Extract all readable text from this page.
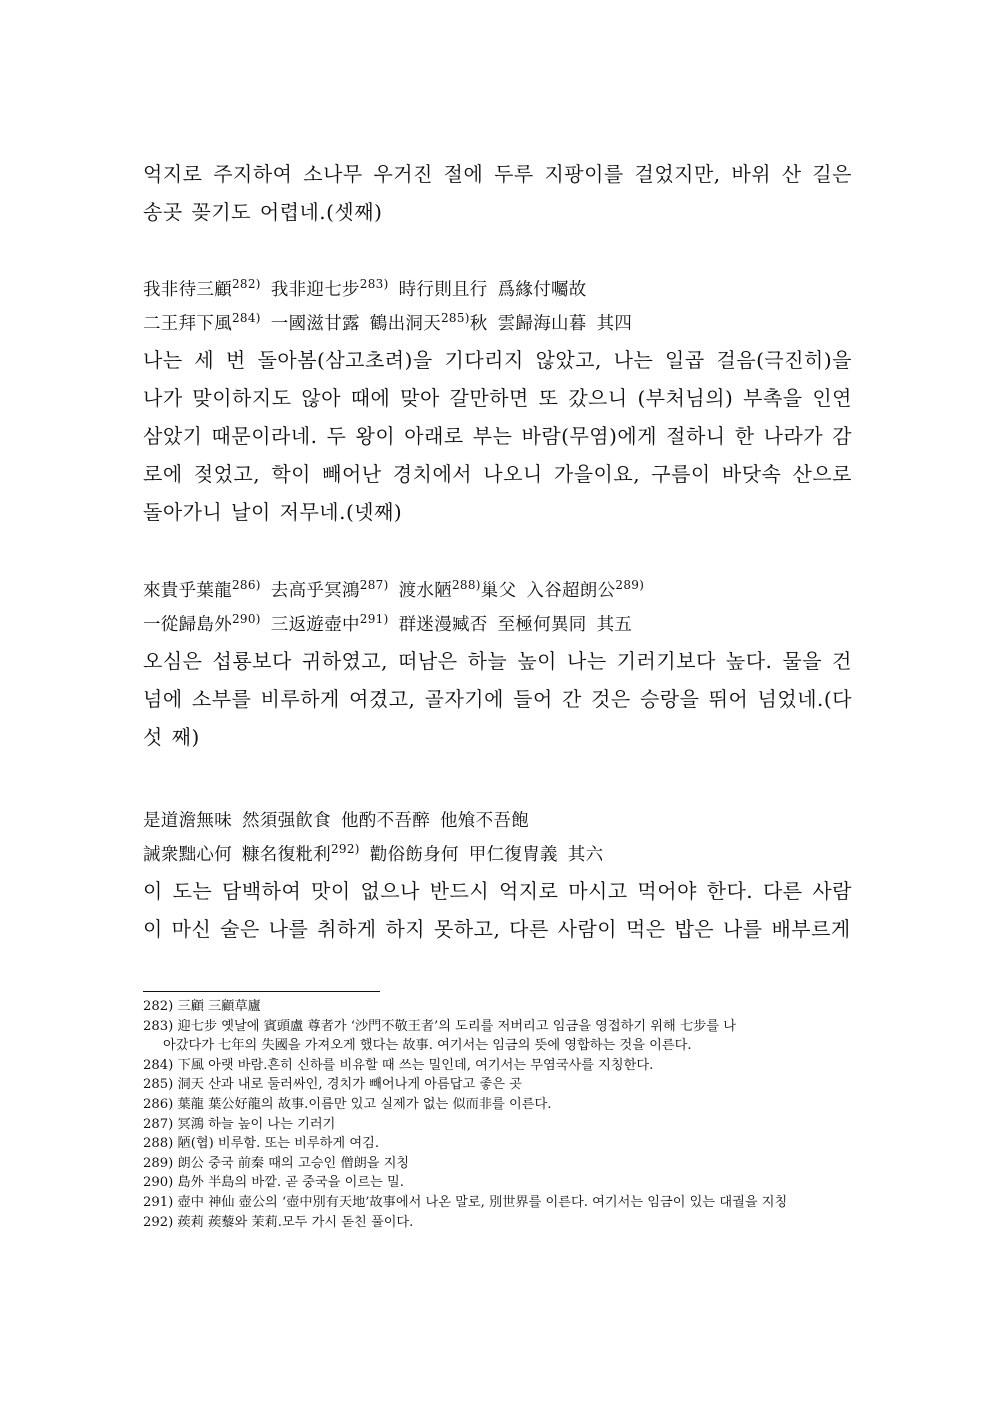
억지로 주지하여 소나무 우거진 절에 두루 지팡이를 걸었지만, 바위 산 길은 송곳 꽂기도 어렵네.(셋째)

我非待三顧$^{282)}$ 我非迎七步$^{283)}$ 時行則且行 爲緣付囑故

二王拜下風$^{284)}$ 一國滋甘露 鶴出洞天$^{285)}$秋 雲歸海山暮 其四

나는 세 번 돌아봄(삼고초려)을 기다리지 않았고, 나는 일곱 걸음(극진히)을 나가 맞이하지도 않아 때에 맞아 갈만하면 또 갔으니 (부처님의) 부촉을 인연 삼았기 때문이라네. 두 왕이 아래로 부는 바람(무염)에게 절하니 한 나라가 감로에 젖었고, 학이 빼어난 경치에서 나오니 가을이요, 구름이 바닷속 산으로 돌아가니 날이 저무네.(넷째)

來貴乎葉龍$^{286)}$ 去高乎冥鴻$^{287)}$ 渡水陋$^{288)}$巢父 入谷超朗公$^{289)}$

一從歸島外$^{290)}$ 三返遊壺中$^{291)}$ 群迷漫臧否 至極何異同 其五

오심은 섭룡보다 귀하였고, 떠남은 하늘 높이 나는 기러기보다 높다. 물을 건넘에 소부를 비루하게 여겼고, 골자기에 들어 간 것은 승랑을 뛰어 넘었네.(다섯 째)

是道澹無味 然須强飮食 他酌不吾醉 他飧不吾飽

誡衆黜心何 糠名復粃利$^{292)}$ 勸俗飭身何 甲仁復冑義 其六

이 도는 담백하여 맛이 없으나 반드시 억지로 마시고 먹어야 한다. 다른 사람이 마신 술은 나를 취하게 하지 못하고, 다른 사람이 먹은 밥은 나를 배부르게

282) 三顧 三顧草廬

283) 迎七步 옛날에 賓頭盧 尊者가 ‘沙門不敬王者’의 도리를 저버리고 임금을 영접하기 위해 七步를 나
아갔다가 七年의 失國을 가져오게 했다는 故事. 여기서는 임금의 뜻에 영합하는 것을 이른다.

284) 下風 아랫 바람.흔히 신하를 비유할 때 쓰는 밀인데, 여기서는 무염국사를 지칭한다.

285) 洞天 산과 내로 둘러싸인, 경치가 빼어나게 아름답고 좋은 곳

286) 葉龍 葉公好龍의 故事.이름만 있고 실제가 없는 似而非를 이른다.

287) 冥鴻 하늘 높이 나는 기러기

288) 陋(협) 비루함. 또는 비루하게 여김.

289) 朗公 중국 前秦 때의 고승인 僧朗을 지칭

290) 島外 半島의 바깥. 곧 중국을 이르는 밀.

291) 壺中 神仙 壺公의 ‘壺中別有天地’故事에서 나온 말로, 別世界를 이른다. 여기서는 임금이 있는 대궐을 지칭

292) 蒺莉 蒺藜와 茉莉.모두 가시 돋친 풀이다.
